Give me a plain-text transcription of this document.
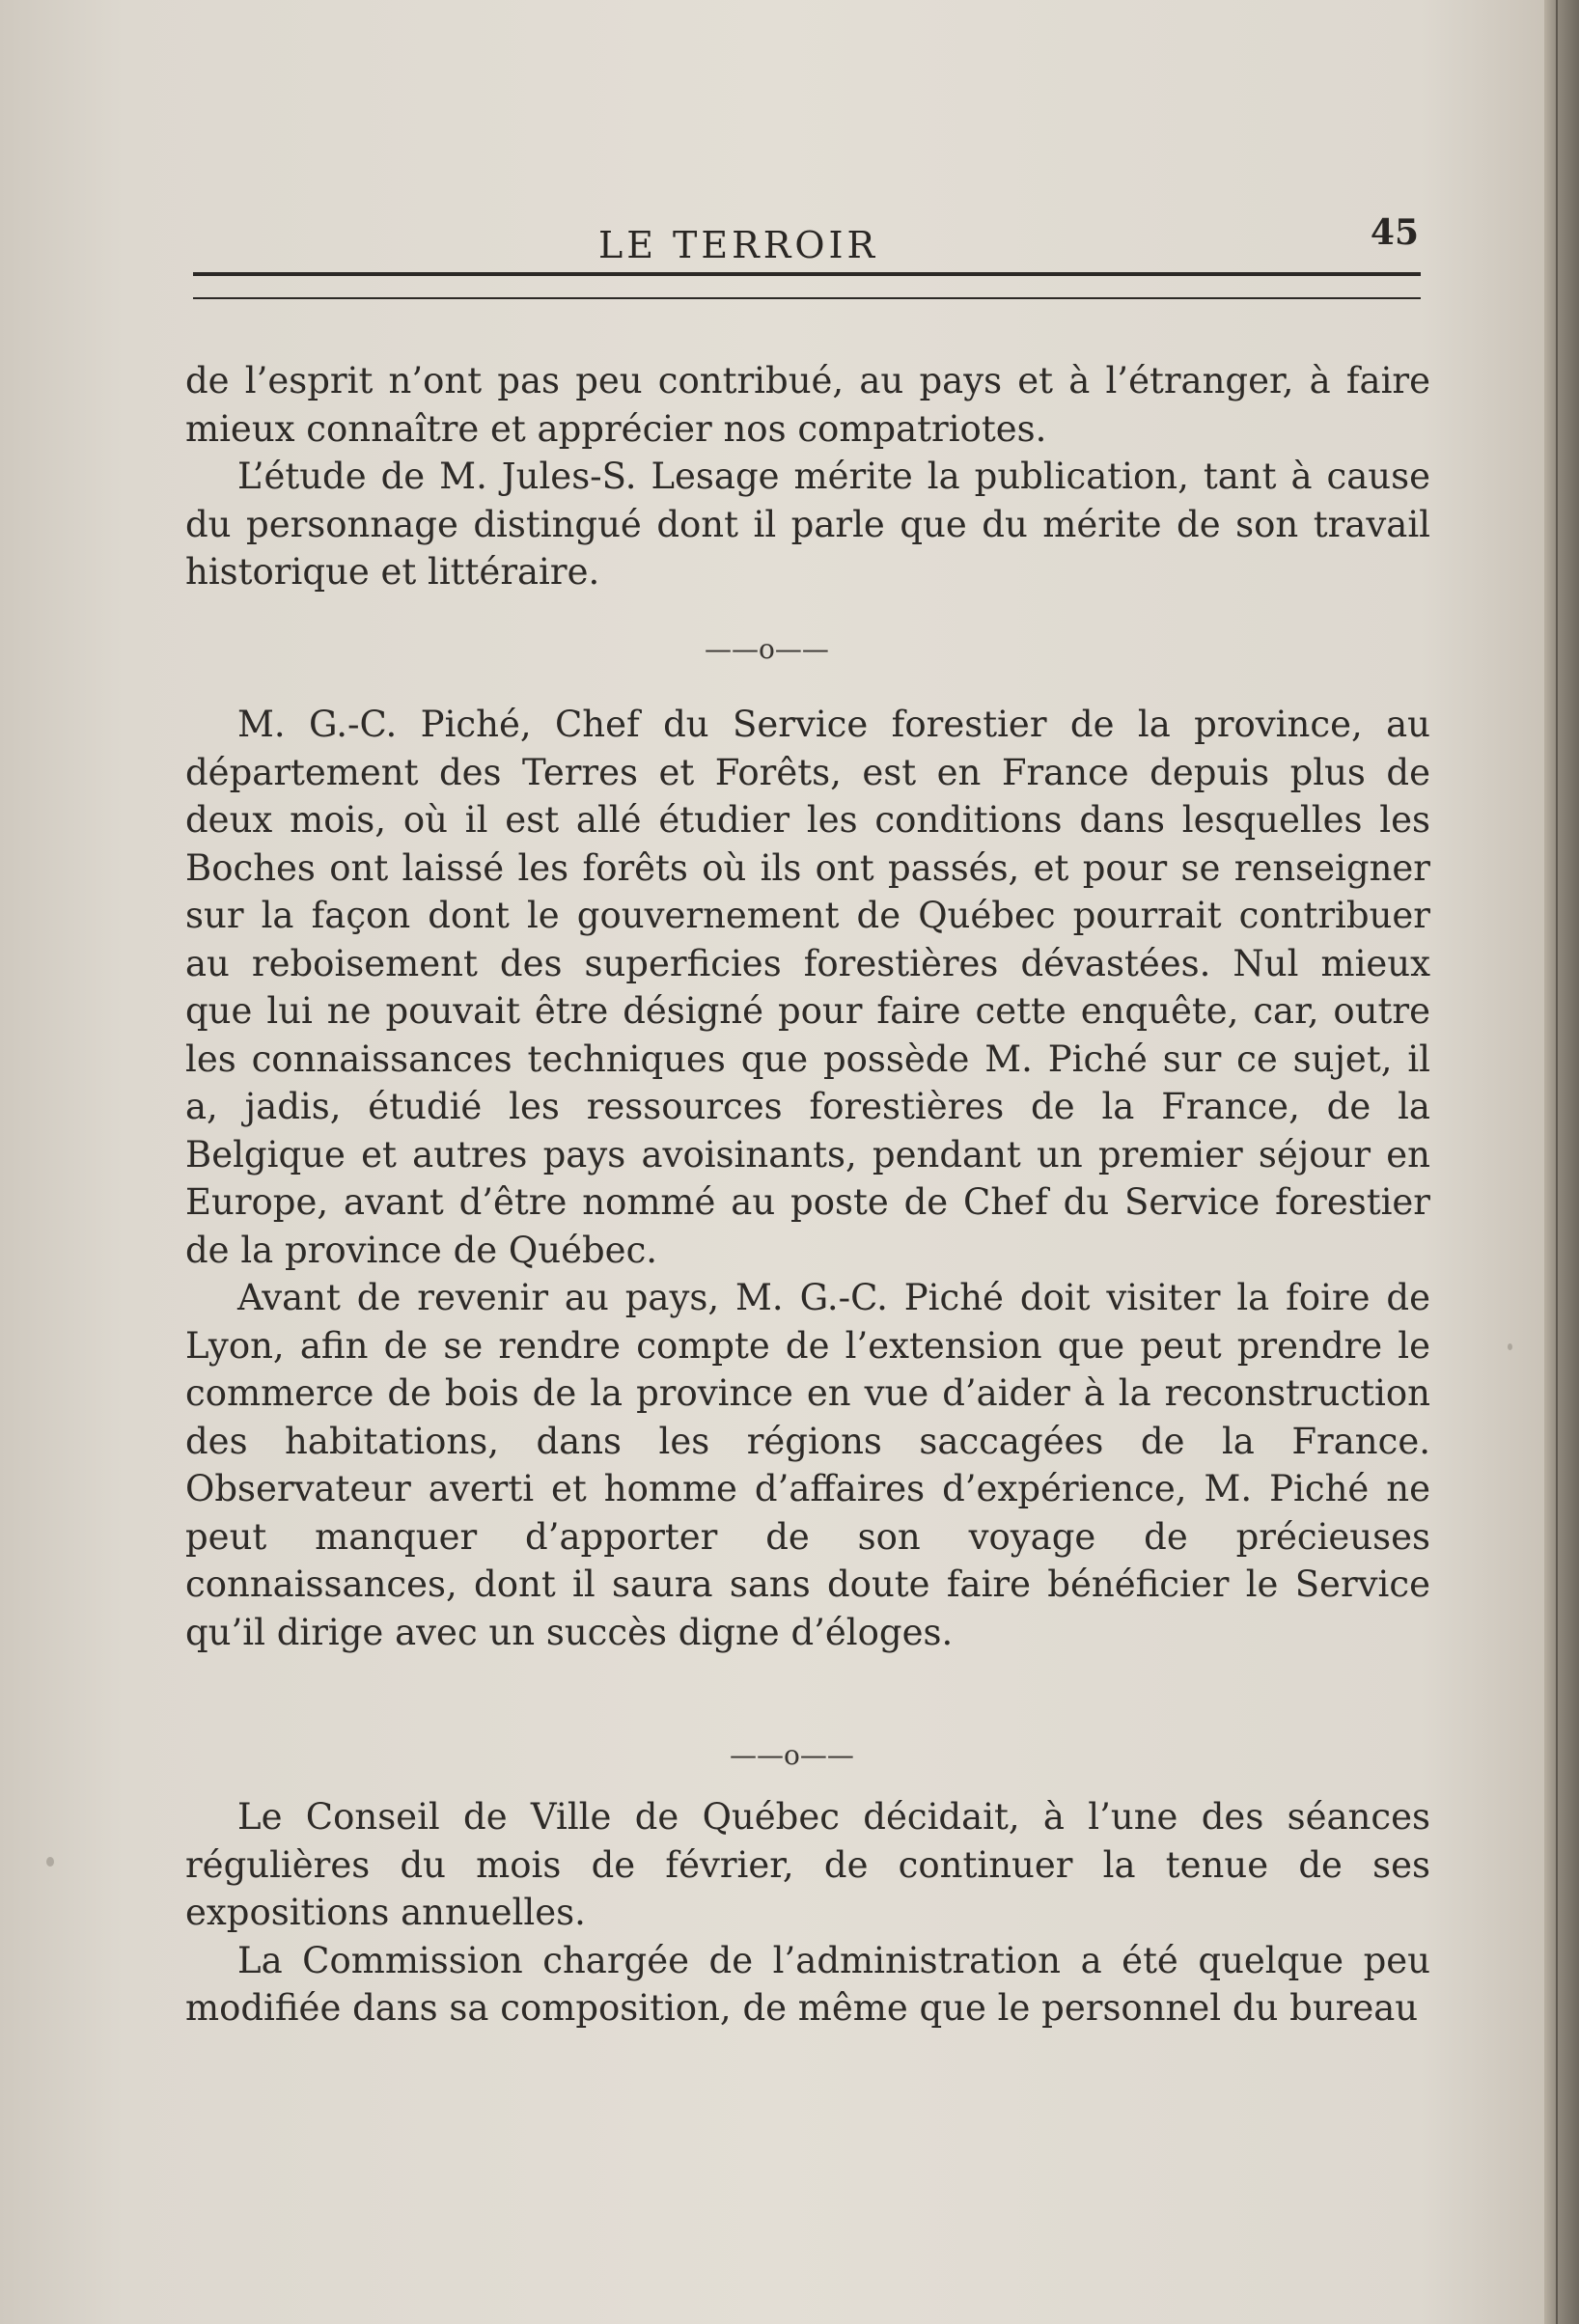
LE TERROIR	45

de l’esprit n’ont pas peu contribué, au pays et à l’étranger, à faire mieux connaître et apprécier nos compatriotes.

L’étude de M. Jules-S. Lesage mérite la publication, tant à cause du personnage distingué dont il parle que du mérite de son travail historique et littéraire.

——o——

M. G.-C. Piché, Chef du Service forestier de la province, au département des Terres et Forêts, est en France depuis plus de deux mois, où il est allé étudier les conditions dans lesquelles les Boches ont laissé les forêts où ils ont passés, et pour se renseigner sur la façon dont le gouvernement de Québec pourrait contribuer au reboisement des superficies forestières dévastées. Nul mieux que lui ne pouvait être désigné pour faire cette enquête, car, outre les connaissances techniques que possède M. Piché sur ce sujet, il a, jadis, étudié les ressources forestières de la France, de la Belgique et autres pays avoisinants, pendant un premier séjour en Europe, avant d’être nommé au poste de Chef du Service forestier de la province de Québec.

Avant de revenir au pays, M. G.-C. Piché doit visiter la foire de Lyon, afin de se rendre compte de l’extension que peut prendre le commerce de bois de la province en vue d’aider à la reconstruction des habitations, dans les régions saccagées de la France. Observateur averti et homme d’affaires d’expérience, M. Piché ne peut manquer d’apporter de son voyage de précieuses connaissances, dont il saura sans doute faire bénéficier le Service qu’il dirige avec un succès digne d’éloges.

——o——

Le Conseil de Ville de Québec décidait, à l’une des séances régulières du mois de février, de continuer la tenue de ses expositions annuelles.

La Commission chargée de l’administration a été quelque peu modifiée dans sa composition, de même que le personnel du bureau
